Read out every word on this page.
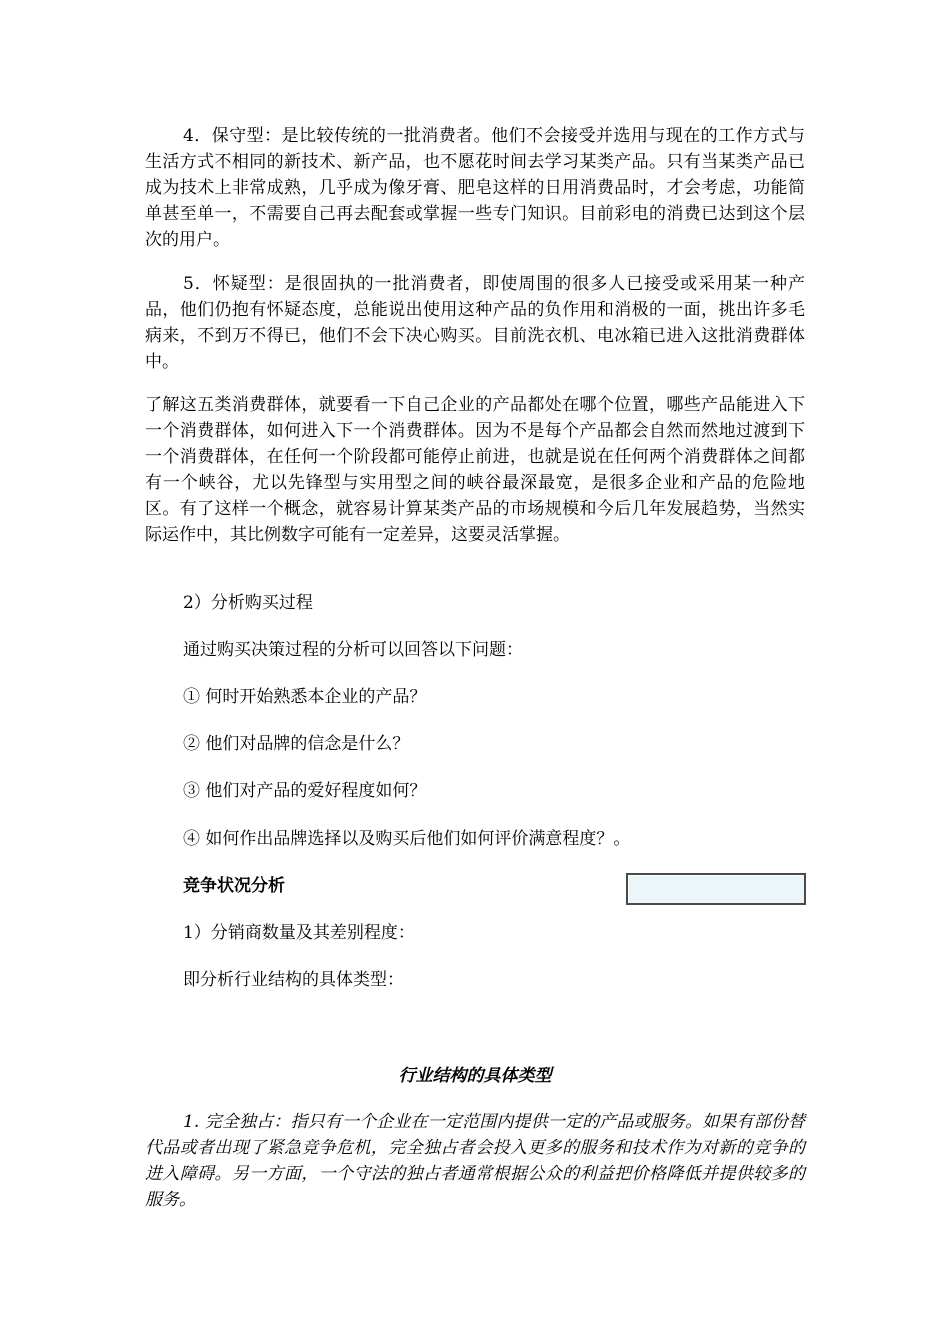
4．保守型：是比较传统的一批消费者。他们不会接受并选用与现在的工作方式与生活方式不相同的新技术、新产品，也不愿花时间去学习某类产品。只有当某类产品已成为技术上非常成熟，几乎成为像牙膏、肥皂这样的日用消费品时，才会考虑，功能简单甚至单一，不需要自己再去配套或掌握一些专门知识。目前彩电的消费已达到这个层次的用户。

5．怀疑型：是很固执的一批消费者，即使周围的很多人已接受或采用某一种产品，他们仍抱有怀疑态度，总能说出使用这种产品的负作用和消极的一面，挑出许多毛病来，不到万不得已，他们不会下决心购买。目前洗衣机、电冰箱已进入这批消费群体中。

了解这五类消费群体，就要看一下自己企业的产品都处在哪个位置，哪些产品能进入下一个消费群体，如何进入下一个消费群体。因为不是每个产品都会自然而然地过渡到下一个消费群体，在任何一个阶段都可能停止前进，也就是说在任何两个消费群体之间都有一个峡谷，尤以先锋型与实用型之间的峡谷最深最宽，是很多企业和产品的危险地区。有了这样一个概念，就容易计算某类产品的市场规模和今后几年发展趋势，当然实际运作中，其比例数字可能有一定差异，这要灵活掌握。

2）分析购买过程

通过购买决策过程的分析可以回答以下问题：

① 何时开始熟悉本企业的产品？

② 他们对品牌的信念是什么？

③ 他们对产品的爱好程度如何？

④ 如何作出品牌选择以及购买后他们如何评价满意程度？。

竞争状况分析

1）分销商数量及其差别程度：

即分析行业结构的具体类型：

行业结构的具体类型

1. 完全独占：指只有一个企业在一定范围内提供一定的产品或服务。如果有部份替代品或者出现了紧急竞争危机，完全独占者会投入更多的服务和技术作为对新的竞争的进入障碍。另一方面，一个守法的独占者通常根据公众的利益把价格降低并提供较多的服务。
